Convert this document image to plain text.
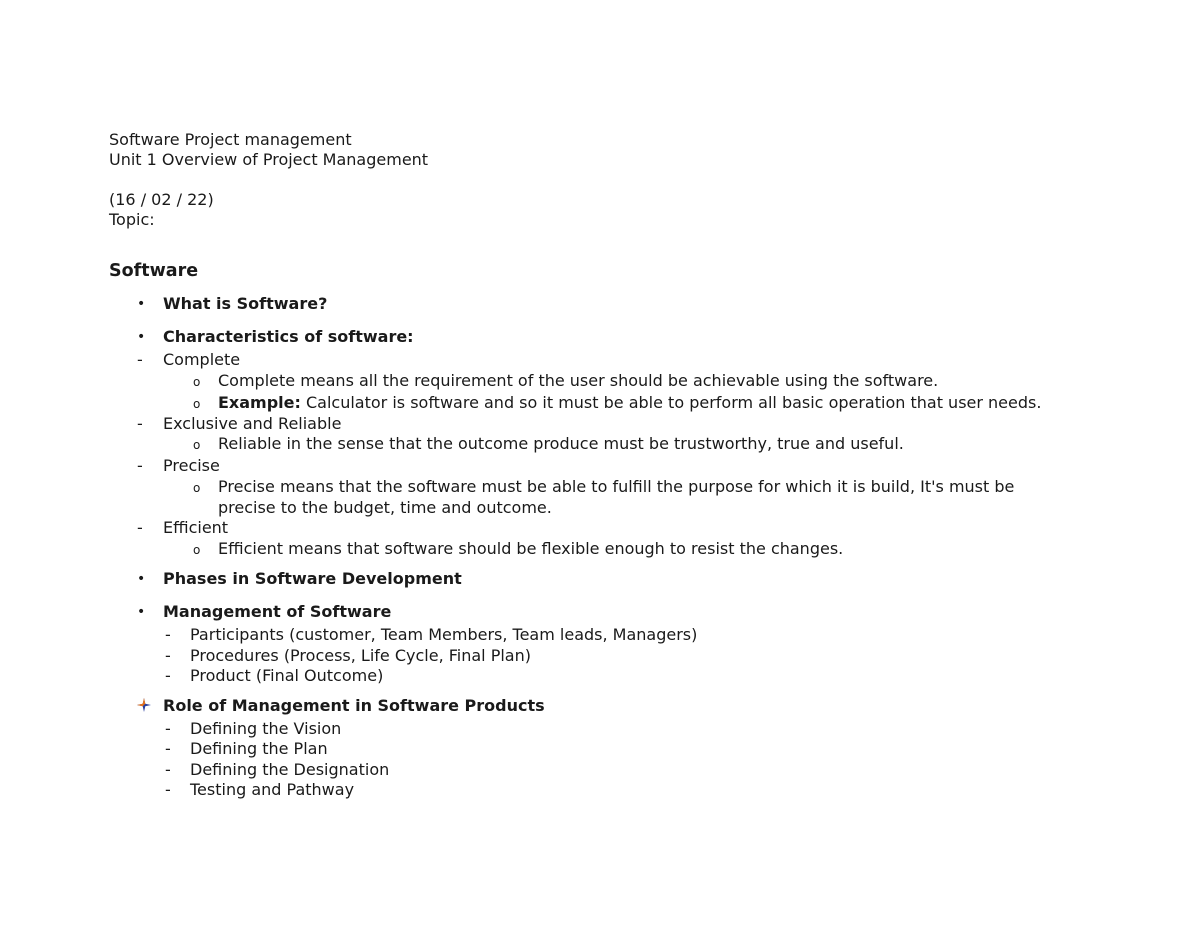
Software Project management
Unit 1 Overview of Project Management
(16 / 02 / 22)
Topic:
Software
• What is Software?
• Characteristics of software:
- Complete
o Complete means all the requirement of the user should be achievable using the software.
o Example: Calculator is software and so it must be able to perform all basic operation that user needs.
- Exclusive and Reliable
o Reliable in the sense that the outcome produce must be trustworthy, true and useful.
- Precise
o Precise means that the software must be able to fulfill the purpose for which it is build, It's must be
precise to the budget, time and outcome.
- Efficient
o Efficient means that software should be flexible enough to resist the changes.
• Phases in Software Development
• Management of Software
- Participants (customer, Team Members, Team leads, Managers)
- Procedures (Process, Life Cycle, Final Plan)
- Product (Final Outcome)
Role of Management in Software Products
- Defining the Vision
- Defining the Plan
- Defining the Designation
- Testing and Pathway
